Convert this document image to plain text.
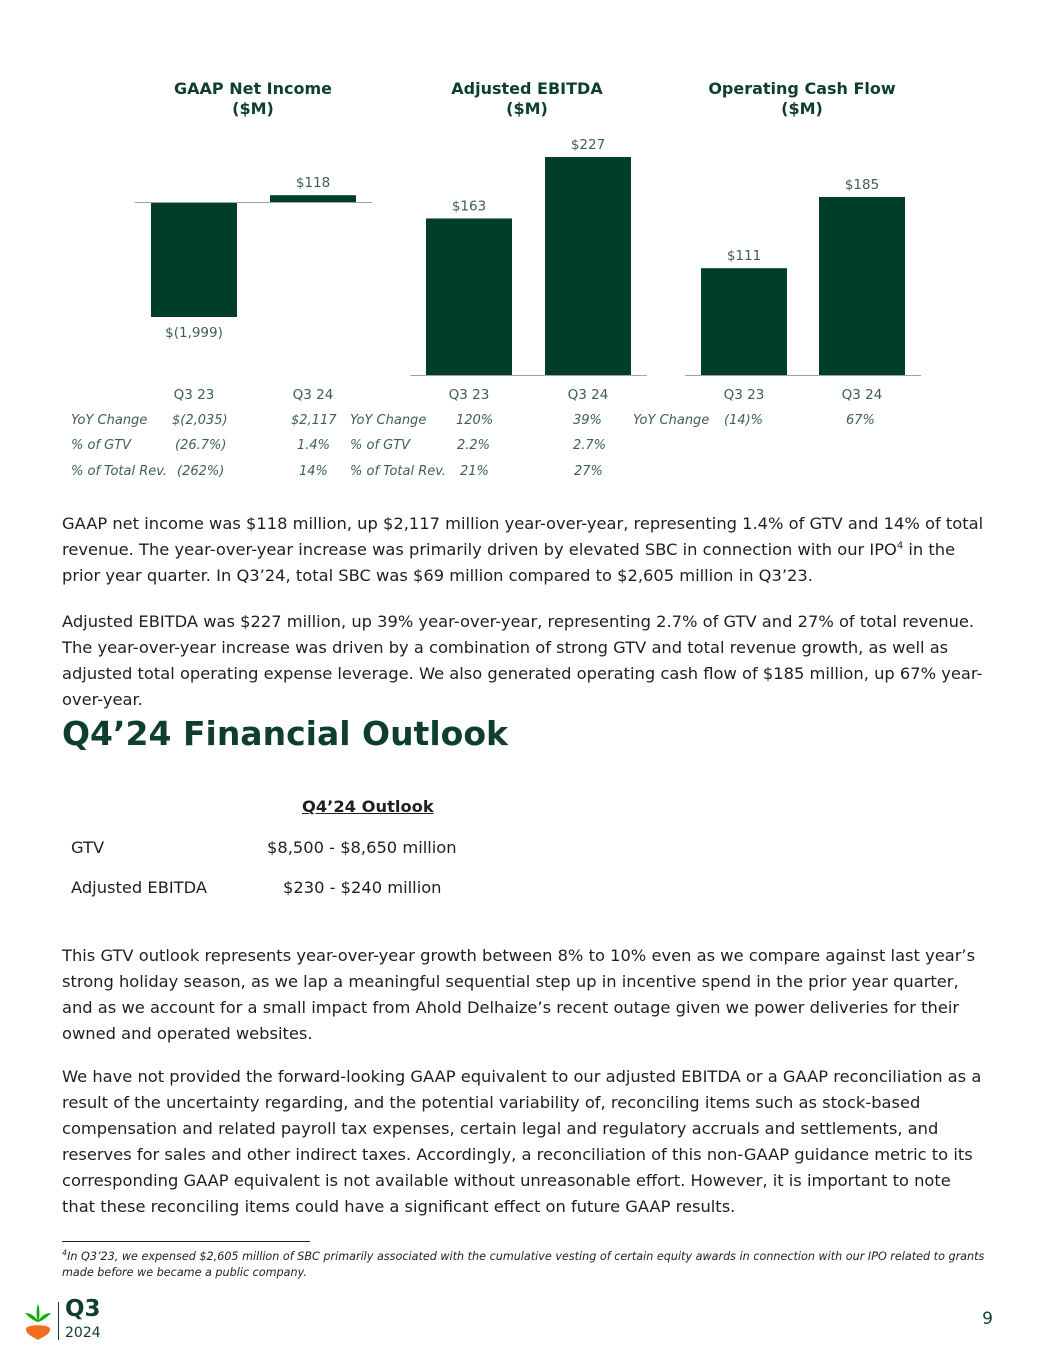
GAAP Net Income
($M)
Adjusted EBITDA
($M)
Operating Cash Flow
($M)
$(1,999)
Q3 23
$118
Q3 24
$163
Q3 23
$227
Q3 24
$111
Q3 23
$185
Q3 24
YoY Change $(2,035)	$2,117
% of GTV	(26.7%)	1.4%
% of Total Rev. (262%)	14%
YoY Change 120%	39%
% of GTV	2.2%	2.7%
% of Total Rev. 21%	27%
YoY Change (14)%	67%

GAAP net income was $118 million, up $2,117 million year-over-year, representing 1.4% of GTV and 14% of total revenue. The year-over-year increase was primarily driven by elevated SBC in connection with our IPO$^4$ in the prior year quarter. In Q3’24, total SBC was $69 million compared to $2,605 million in Q3’23.

Adjusted EBITDA was $227 million, up 39% year-over-year, representing 2.7% of GTV and 27% of total revenue. The year-over-year increase was driven by a combination of strong GTV and total revenue growth, as well as adjusted total operating expense leverage. We also generated operating cash flow of $185 million, up 67% year-over-year.

Q4’24 Financial Outlook
Q4’24 Outlook
GTV	$8,500 - $8,650 million
Adjusted EBITDA	$230 - $240 million

This GTV outlook represents year-over-year growth between 8% to 10% even as we compare against last year’s strong holiday season, as we lap a meaningful sequential step up in incentive spend in the prior year quarter, and as we account for a small impact from Ahold Delhaize’s recent outage given we power deliveries for their owned and operated websites.

We have not provided the forward-looking GAAP equivalent to our adjusted EBITDA or a GAAP reconciliation as a result of the uncertainty regarding, and the potential variability of, reconciling items such as stock-based compensation and related payroll tax expenses, certain legal and regulatory accruals and settlements, and reserves for sales and other indirect taxes. Accordingly, a reconciliation of this non-GAAP guidance metric to its corresponding GAAP equivalent is not available without unreasonable effort. However, it is important to note that these reconciling items could have a significant effect on future GAAP results.

$^4$In Q3’23, we expensed $2,605 million of SBC primarily associated with the cumulative vesting of certain equity awards in connection with our IPO related to grants made before we became a public company.

Q3
2024
9
